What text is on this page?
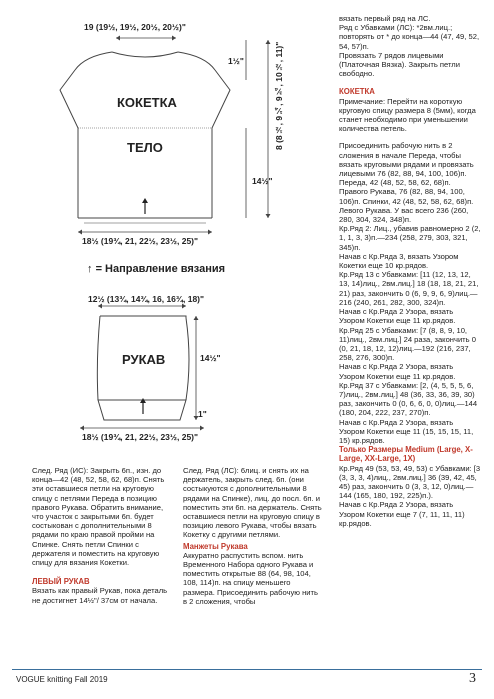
19 (19½, 19½, 20½, 20½)"
КОКЕТКА
ТЕЛО
1½"	8 (8½, 9¼, 9¾, 10½, 11)"
14½"
18½ (19¾, 21, 22½, 23½, 25)"
↑ = Направление вязания
12½ (13¾, 14¾, 16, 16¾, 18)"
РУКАВ	14½"
1"
18½ (19¾, 21, 22½, 23½, 25)"
След. Ряд (ИС): Закрыть 6п., изн. до конца—42 (48, 52, 58, 62, 68)п. Снять эти оставшиеся петли на круговую спицу с петлями Переда в позицию правого Рукава. Обратить внимание, что участок с закрытыми 6п. будет состыкован с дополнительными 8 рядами по краю правой пройми на Спинке. Снять петли Спинки с держателя и поместить на круговую спицу для вязания Кокетки.
ЛЕВЫЙ РУКАВ
Вязать как правый Рукав, пока деталь не достигнет 14½"/ 37см от начала.
След. Ряд (ЛС): 6лиц. и снять их на держатель, закрыть след. 6п. (они состыкуются с дополнительными 8 рядами на Спинке), лиц. до посл. 6п. и поместить эти 6п. на держатель. Снять оставшиеся петли на круговую спицу в позицию левого Рукава, чтобы вязать Кокетку с другими петлями.
Манжеты Рукава
Аккуратно распустить вспом. нить Временного Набора одного Рукава и поместить открытые 88 (64, 98, 104, 108, 114)п. на спицу меньшего размера. Присоединить рабочую нить в 2 сложения, чтобы
вязать первый ряд на ЛС.
Ряд с Убавками (ЛС): *2вм.лиц.; повторять от * до конца—44 (47, 49, 52, 54, 57)п.
Провязать 7 рядов лицевыми (Платочная Вязка). Закрыть петли свободно.
КОКЕТКА
Примечание: Перейти на короткую круговую спицу размера 8 (5мм), когда станет необходимо при уменьшении количества петель.
Присоединить рабочую нить в 2 сложения в начале Переда, чтобы вязать круговыми рядами и провязать лицевыми 76 (82, 88, 94, 100, 106)п. Переда, 42 (48, 52, 58, 62, 68)п. Правого Рукава, 76 (82, 88, 94, 100, 106)п. Спинки, 42 (48, 52, 58, 62, 68)п. Левого Рукава. У вас всего 236 (260, 280, 304, 324, 348)п.
Кр.Ряд 2: Лиц., убавив равномерно 2 (2, 1, 1, 3, 3)п.—234 (258, 279, 303, 321, 345)п.
Начав с Кр.Ряда 3, вязать Узором Кокетки еще 10 кр.рядов.
Кр.Ряд 13 с Убавками: [11 (12, 13, 12, 13, 14)лиц., 2вм.лиц.] 18 (18, 18, 21, 21, 21) раз, закончить 0 (6, 9, 9, 6, 9)лиц.—216 (240, 261, 282, 300, 324)п.
Начав с Кр.Ряда 2 Узора, вязать Узором Кокетки еще 11 кр.рядов.
Кр.Ряд 25 с Убавками: [7 (8, 8, 9, 10, 11)лиц., 2вм.лиц.] 24 раза, закончить 0 (0, 21, 18, 12, 12)лиц.—192 (216, 237, 258, 276, 300)п.
Начав с Кр.Ряда 2 Узора, вязать Узором Кокетки еще 11 кр.рядов.
Кр.Ряд 37 с Убавками: [2, (4, 5, 5, 5, 6, 7)лиц., 2вм.лиц.] 48 (36, 33, 36, 39, 30) раз, закончить 0 (0, 6, 6, 0, 0)лиц.—144 (180, 204, 222, 237, 270)п.
Начав с Кр.Ряда 2 Узора, вязать Узором Кокетки еще 11 (15, 15, 15, 11, 15) кр.рядов.
Только Размеры Medium (Large, X-Large, XX-Large, 1X)
Кр.Ряд 49 (53, 53, 49, 53) с Убавками: [3 (3, 3, 3, 4)лиц., 2вм.лиц.] 36 (39, 42, 45, 45) раз, закончить 0 (3, 3, 12, 0)лиц.—144 (165, 180, 192, 225)п.).
Начав с Кр.Ряда 2 Узора, вязать Узором Кокетки еще 7 (7, 11, 11, 11) кр.рядов.
VOGUE knitting Fall 2019	3
